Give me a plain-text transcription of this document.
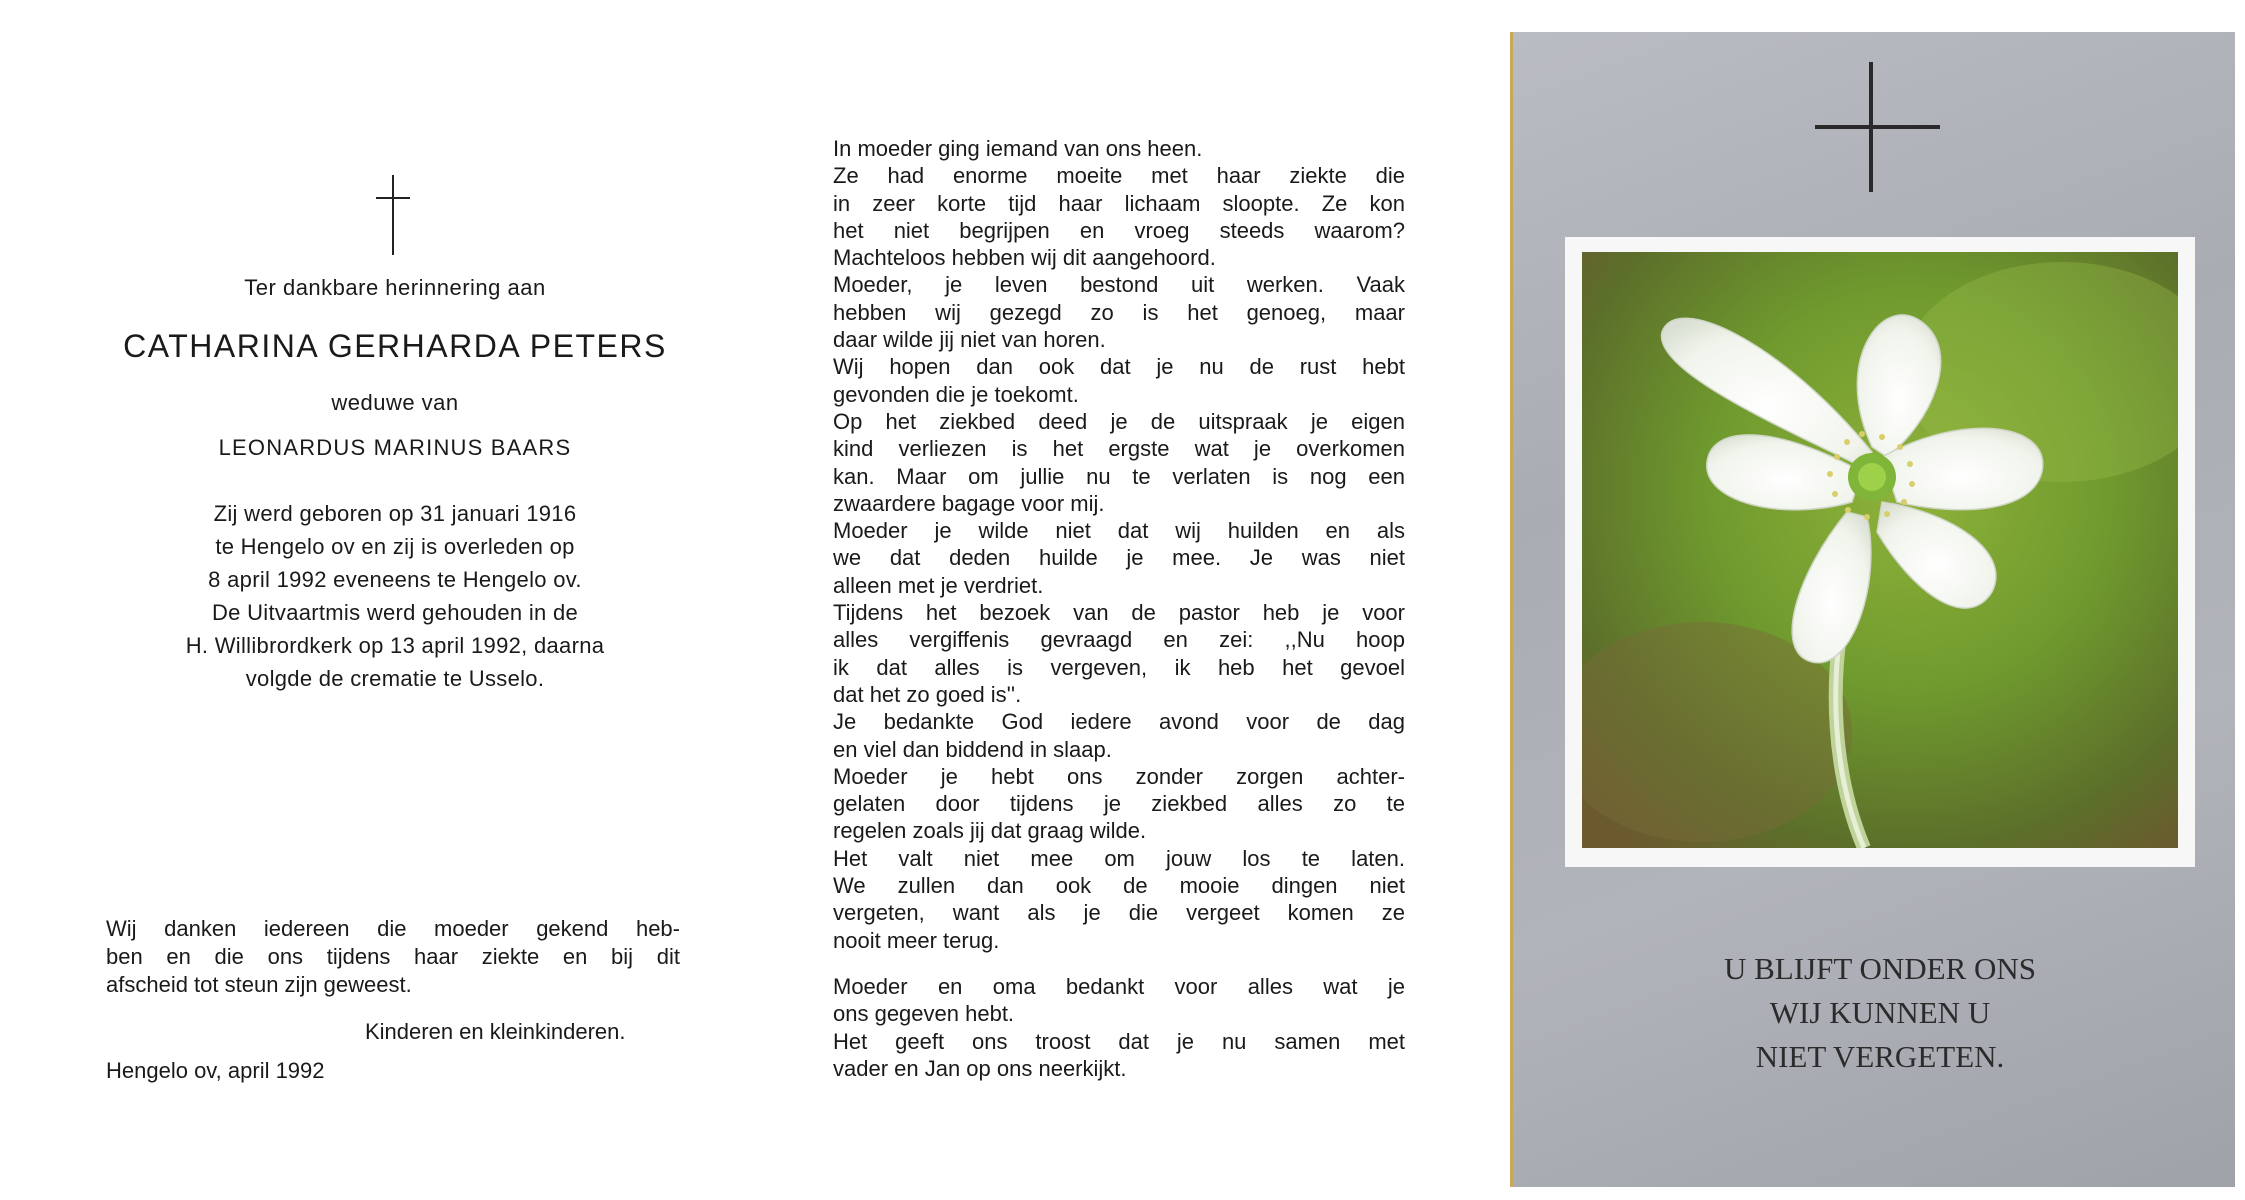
Ter dankbare herinnering aan
CATHARINA GERHARDA PETERS
weduwe van
LEONARDUS MARINUS BAARS
Zij werd geboren op 31 januari 1916
te Hengelo ov en zij is overleden op
8 april 1992 eveneens te Hengelo ov.
De Uitvaartmis werd gehouden in de
H. Willibrordkerk op 13 april 1992, daarna
volgde de crematie te Usselo.
Wij danken iedereen die moeder gekend heb-
ben en die ons tijdens haar ziekte en bij dit
afscheid tot steun zijn geweest.
Kinderen en kleinkinderen.
Hengelo ov, april 1992
In moeder ging iemand van ons heen.
Ze had enorme moeite met haar ziekte die
in zeer korte tijd haar lichaam sloopte. Ze kon
het niet begrijpen en vroeg steeds waarom?
Machteloos hebben wij dit aangehoord.
Moeder, je leven bestond uit werken. Vaak
hebben wij gezegd zo is het genoeg, maar
daar wilde jij niet van horen.
Wij hopen dan ook dat je nu de rust hebt
gevonden die je toekomt.
Op het ziekbed deed je de uitspraak je eigen
kind verliezen is het ergste wat je overkomen
kan. Maar om jullie nu te verlaten is nog een
zwaardere bagage voor mij.
Moeder je wilde niet dat wij huilden en als
we dat deden huilde je mee. Je was niet
alleen met je verdriet.
Tijdens het bezoek van de pastor heb je voor
alles vergiffenis gevraagd en zei: ,,Nu hoop
ik dat alles is vergeven, ik heb het gevoel
dat het zo goed is''.
Je bedankte God iedere avond voor de dag
en viel dan biddend in slaap.
Moeder je hebt ons zonder zorgen achter-
gelaten door tijdens je ziekbed alles zo te
regelen zoals jij dat graag wilde.
Het valt niet mee om jouw los te laten.
We zullen dan ook de mooie dingen niet
vergeten, want als je die vergeet komen ze
nooit meer terug.
Moeder en oma bedankt voor alles wat je
ons gegeven hebt.
Het geeft ons troost dat je nu samen met
vader en Jan op ons neerkijkt.
U BLIJFT ONDER ONS
WIJ KUNNEN U
NIET VERGETEN.
